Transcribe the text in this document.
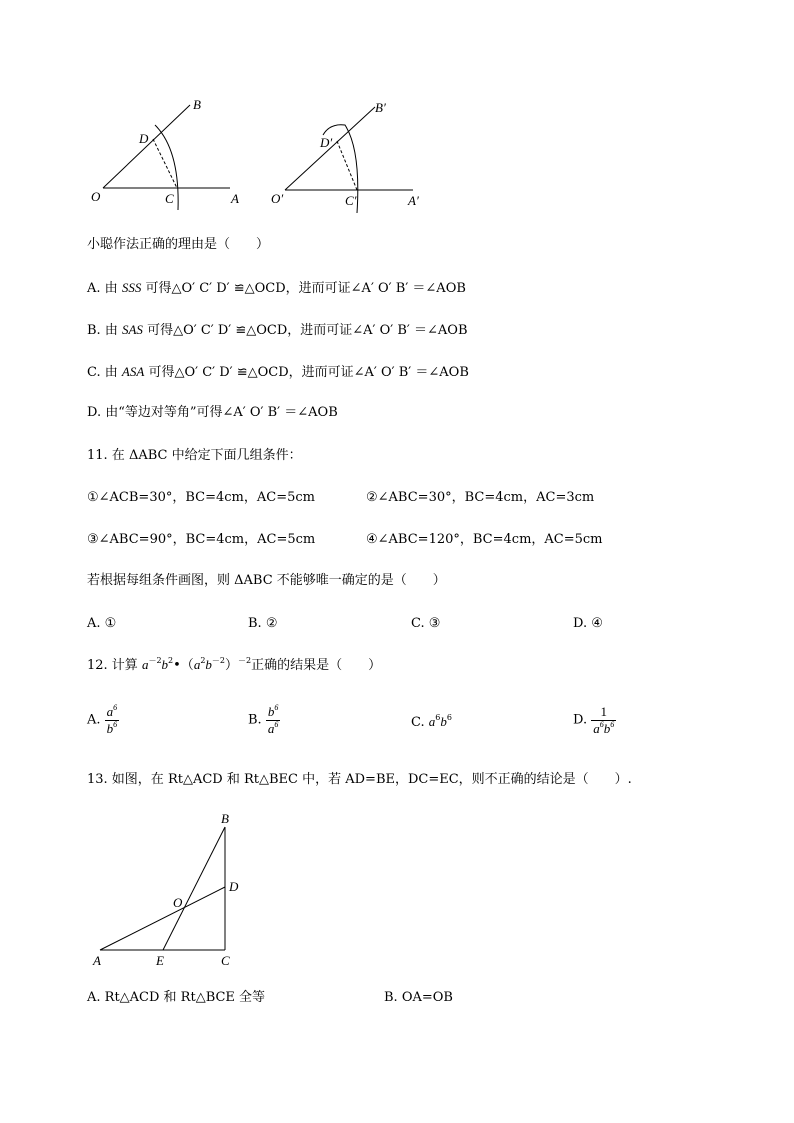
O	C	A
D
B
O′	C′	A′
D′
B′
小聪作法正确的理由是（　　）
A. 由 SSS 可得△O′ C′ D′ ≌△OCD，进而可证∠A′ O′ B′ ＝∠AOB
B. 由 SAS 可得△O′ C′ D′ ≌△OCD，进而可证∠A′ O′ B′ ＝∠AOB
C. 由 ASA 可得△O′ C′ D′ ≌△OCD，进而可证∠A′ O′ B′ ＝∠AOB
D. 由“等边对等角”可得∠A′ O′ B′ ＝∠AOB
11. 在 ΔABC 中给定下面几组条件：
①∠ACB=30°，BC=4cm，AC=5cm	②∠ABC=30°，BC=4cm，AC=3cm
③∠ABC=90°，BC=4cm，AC=5cm	④∠ABC=120°，BC=4cm，AC=5cm
若根据每组条件画图，则 ΔABC 不能够唯一确定的是（　　）
A. ①	B. ②	C. ③	D. ④
12. 计算 $a^{-2}b^2•(a^2b^{-2})^{-2}$正确的结果是（　　）
A. $\frac{a^6}{b^6}$	B. $\frac{b^6}{a^6}$	C. $a^6b^6$	D. $\frac{1}{a^6b^6}$
13. 如图，在 Rt△ACD 和 Rt△BEC 中，若 AD=BE，DC=EC，则不正确的结论是（　　）.
A	E	C
O
D
B
A. Rt△ACD 和 Rt△BCE 全等	B. OA=OB
